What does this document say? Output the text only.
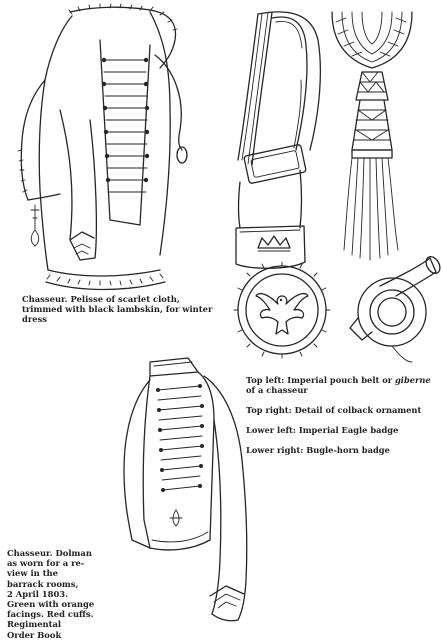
Chasseur. Pelisse of scarlet cloth, trimmed with black lambskin, for winter dress

Top left: Imperial pouch belt or giberne of a chasseur

Top right: Detail of colback ornament

Lower left: Imperial Eagle badge

Lower right: Bugle-horn badge

Chasseur. Dolman
as worn for a re-
view in the
barrack rooms,
2 April 1803.
Green with orange
facings. Red cuffs.
Regimental
Order Book
